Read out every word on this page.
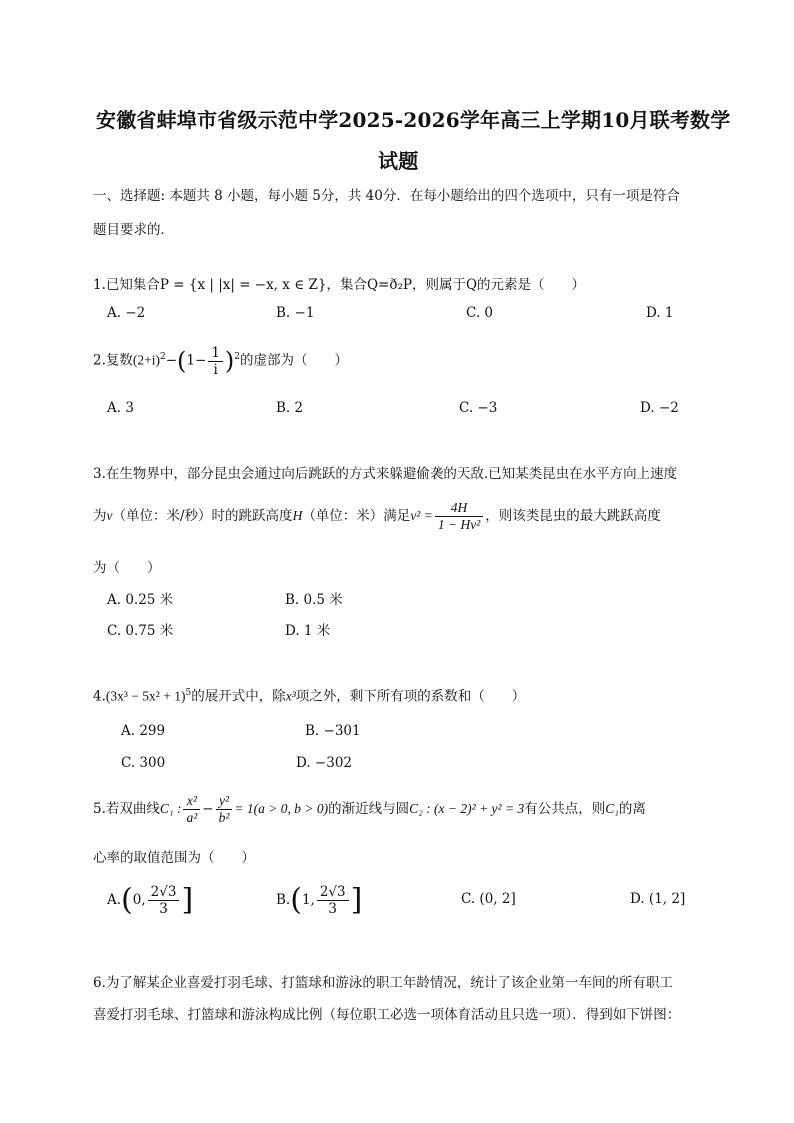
安徽省蚌埠市省级示范中学2025-2026学年高三上学期10月联考数学
试题
一、选择题: 本题共 8 小题，每小题 5分，共 40分．在每小题给出的四个选项中，只有一项是符合
题目要求的．
1.已知集合P = {x | |x| = −x, x ∈ Z}，集合Q=ð₂P，则属于Q的元素是（　　）
A. −2	B. −1	C. 0	D. 1
2.复数$(2+i)^2-(1- \frac{1}{i} )^2$的虚部为（　　）
A. 3	B. 2	C. −3	D. −2
3.在生物界中，部分昆虫会通过向后跳跃的方式来躲避偷袭的天敌.已知某类昆虫在水平方向上速度
为v（单位：米/秒）时的跳跃高度H（单位：米）满足$v^2 = \frac{4H}{\text{1 − Hv²}}$ ，则该类昆虫的最大跳跃高度
为（　　）
A. 0.25 米	B. 0.5 米
C. 0.75 米	D. 1 米
$4.(3x^3 - 5x^2 + 1)^5$的展开式中，除x³项之外，剩下所有项的系数和（　　）
A. 299	B. −301
C. 300	D. −302
5.若双曲线C₁ : $\frac{\text{x²}}{\text{a²}} - \frac{\text{y²}}{\text{b²}} = 1(a > 0$, b > 0)的渐近线与圆C₂ : (x − 2)² + y² = 3有公共点，则C₁的离
心率的取值范围为（　　）
A.(0, $\frac{2√3}{3}$ ]	B.(1, $\frac{2√3}{3}$ ]	C. (0, 2]	D. (1, 2]
6.为了解某企业喜爱打羽毛球、打篮球和游泳的职工年龄情况，统计了该企业第一车间的所有职工
喜爱打羽毛球、打篮球和游泳构成比例（每位职工必选一项体育活动且只选一项）．得到如下饼图：
